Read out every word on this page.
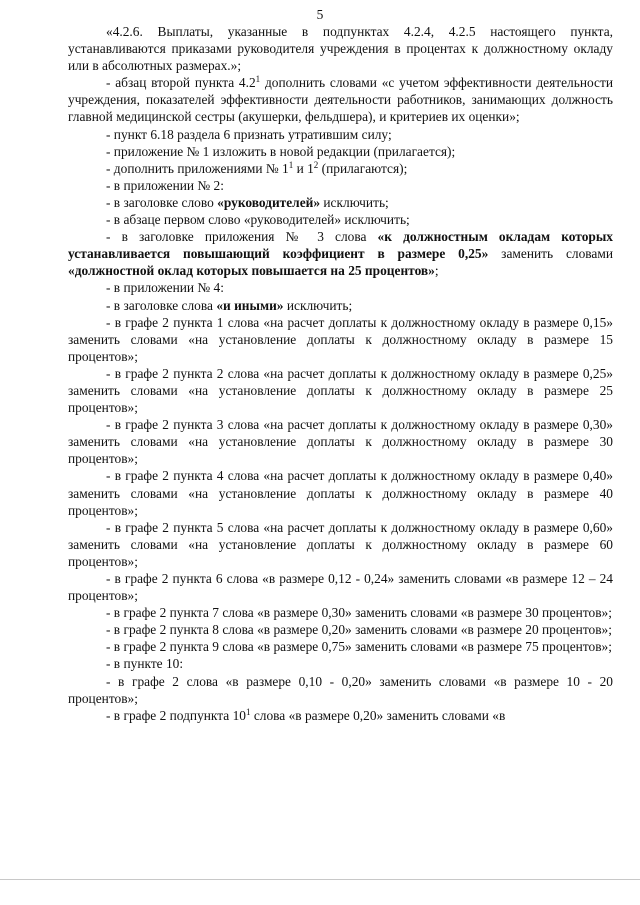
5

«4.2.6. Выплаты, указанные в подпунктах 4.2.4, 4.2.5 настоящего пункта, устанавливаются приказами руководителя учреждения в процентах к должностному окладу или в абсолютных размерах.»;

- абзац второй пункта $4.2^1$ дополнить словами «с учетом эффективности деятельности учреждения, показателей эффективности деятельности работников, занимающих должность главной медицинской сестры (акушерки, фельдшера), и критериев их оценки»;

- пункт 6.18 раздела 6 признать утратившим силу;

- приложение № 1 изложить в новой редакции (прилагается);

- дополнить приложениями № $1^1$ и $1^2$ (прилагаются);

- в приложении № 2:

- в заголовке слово «руководителей» исключить;

- в абзаце первом слово «руководителей» исключить;

- в заголовке приложения № 3 слова «к должностным окладам которых устанавливается повышающий коэффициент в размере 0,25» заменить словами «должностной оклад которых повышается на 25 процентов»;

- в приложении № 4:

- в заголовке слова «и иными» исключить;

- в графе 2 пункта 1 слова «на расчет доплаты к должностному окладу в размере 0,15» заменить словами «на установление доплаты к должностному окладу в размере 15 процентов»;

- в графе 2 пункта 2 слова «на расчет доплаты к должностному окладу в размере 0,25» заменить словами «на установление доплаты к должностному окладу в размере 25 процентов»;

- в графе 2 пункта 3 слова «на расчет доплаты к должностному окладу в размере 0,30» заменить словами «на установление доплаты к должностному окладу в размере 30 процентов»;

- в графе 2 пункта 4 слова «на расчет доплаты к должностному окладу в размере 0,40» заменить словами «на установление доплаты к должностному окладу в размере 40 процентов»;

- в графе 2 пункта 5 слова «на расчет доплаты к должностному окладу в размере 0,60» заменить словами «на установление доплаты к должностному окладу в размере 60 процентов»;

- в графе 2 пункта 6 слова «в размере 0,12 - 0,24» заменить словами «в размере 12 – 24 процентов»;

- в графе 2 пункта 7 слова «в размере 0,30» заменить словами «в размере 30 процентов»;

- в графе 2 пункта 8 слова «в размере 0,20» заменить словами «в размере 20 процентов»;

- в графе 2 пункта 9 слова «в размере 0,75» заменить словами «в размере 75 процентов»;

- в пункте 10:

- в графе 2 слова «в размере 0,10 - 0,20» заменить словами «в размере 10 - 20 процентов»;

- в графе 2 подпункта $10^1$ слова «в размере 0,20» заменить словами «в
